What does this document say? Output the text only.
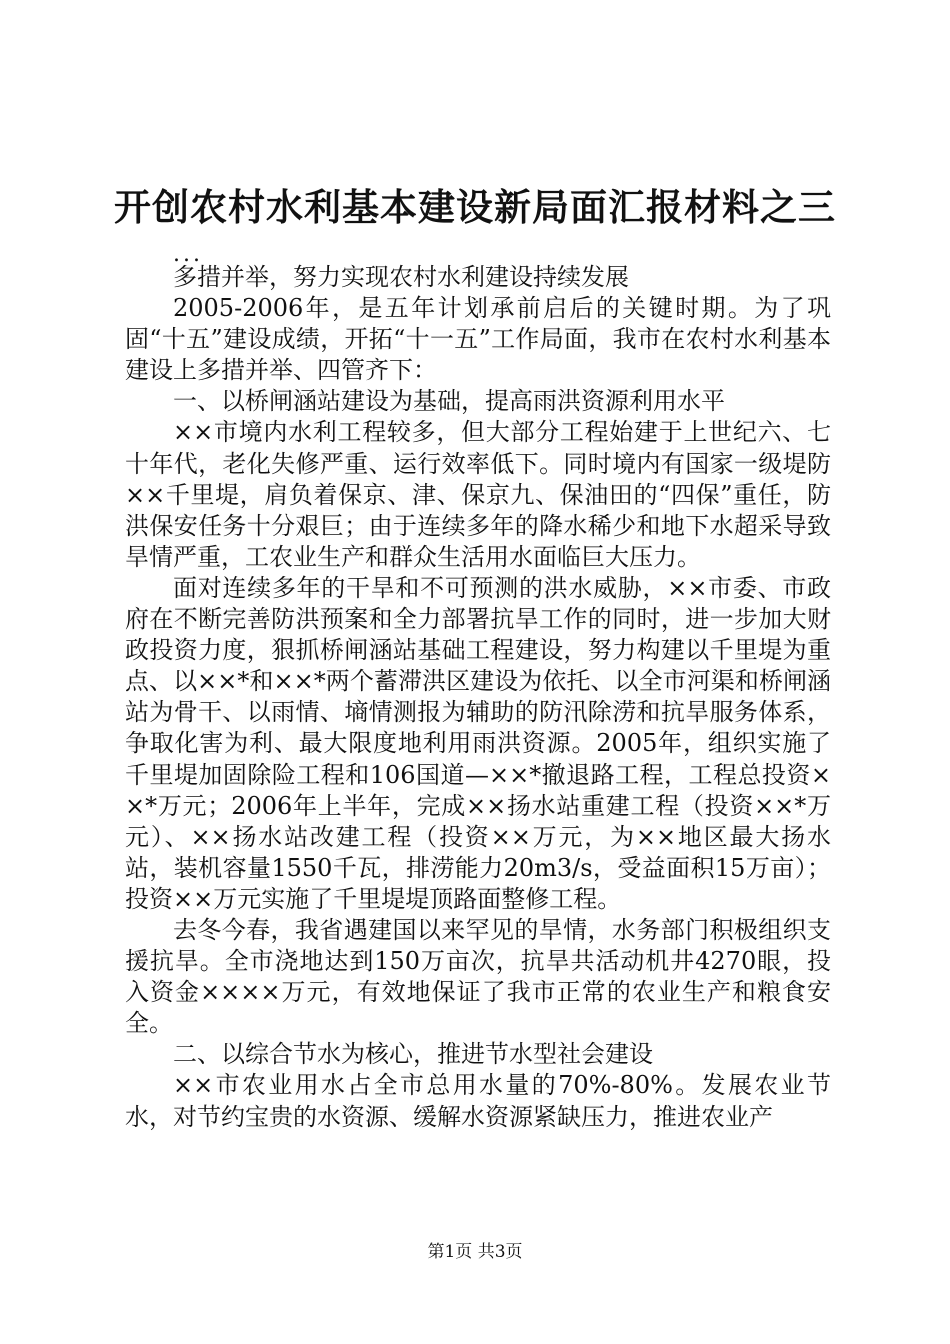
开创农村水利基本建设新局面汇报材料之三
...

多措并举，努力实现农村水利建设持续发展

2005-2006年，是五年计划承前启后的关键时期。为了巩固“十五”建设成绩，开拓“十一五”工作局面，我市在农村水利基本建设上多措并举、四管齐下：

一、以桥闸涵站建设为基础，提高雨洪资源利用水平

××市境内水利工程较多，但大部分工程始建于上世纪六、七十年代，老化失修严重、运行效率低下。同时境内有国家一级堤防××千里堤，肩负着保京、津、保京九、保油田的“四保”重任，防洪保安任务十分艰巨；由于连续多年的降水稀少和地下水超采导致旱情严重，工农业生产和群众生活用水面临巨大压力。

面对连续多年的干旱和不可预测的洪水威胁，××市委、市政府在不断完善防洪预案和全力部署抗旱工作的同时，进一步加大财政投资力度，狠抓桥闸涵站基础工程建设，努力构建以千里堤为重点、以××*和××*两个蓄滞洪区建设为依托、以全市河渠和桥闸涵站为骨干、以雨情、墒情测报为辅助的防汛除涝和抗旱服务体系，争取化害为利、最大限度地利用雨洪资源。2005年，组织实施了千里堤加固除险工程和106国道—××*撤退路工程，工程总投资××*万元；2006年上半年，完成××扬水站重建工程（投资××*万元）、××扬水站改建工程（投资××万元，为××地区最大扬水站，装机容量1550千瓦，排涝能力20m3/s，受益面积15万亩）；投资××万元实施了千里堤堤顶路面整修工程。

去冬今春，我省遇建国以来罕见的旱情，水务部门积极组织支援抗旱。全市浇地达到150万亩次，抗旱共活动机井4270眼，投入资金××××万元，有效地保证了我市正常的农业生产和粮食安全。

二、以综合节水为核心，推进节水型社会建设

××市农业用水占全市总用水量的70%-80%。发展农业节水，对节约宝贵的水资源、缓解水资源紧缺压力，推进农业产

第1页 共3页
